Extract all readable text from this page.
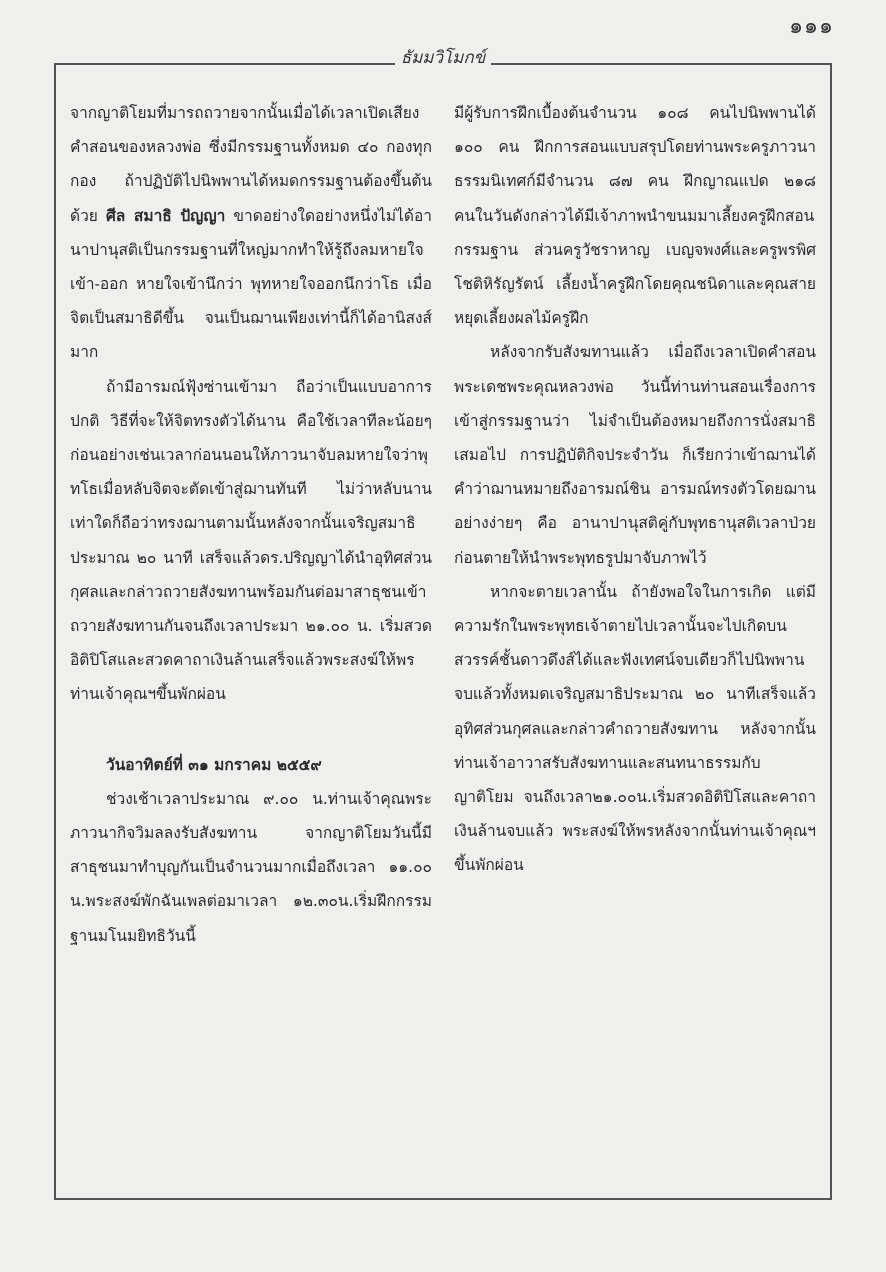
๑๑๑
ธัมมวิโมกข์

จากญาติโยมที่มารถถวายจากนั้นเมื่อได้เวลาเปิดเสียงคำสอนของหลวงพ่อ ซึ่งมีกรรมฐานทั้งหมด ๔๐ กองทุกกอง ถ้าปฏิบัติไปนิพพานได้หมดกรรมฐานต้องขึ้นต้นด้วย ศีล สมาธิ ปัญญา ขาดอย่างใดอย่างหนึ่งไม่ได้อานาปานุสติเป็นกรรมฐานที่ใหญ่มากทำให้รู้ถึงลมหายใจ เข้า-ออก หายใจเข้านึกว่า พุทหายใจออกนึกว่าโธ เมื่อจิตเป็นสมาธิดีขึ้น จนเป็นฌานเพียงเท่านี้ก็ได้อานิสงส์มาก

ถ้ามีอารมณ์ฟุ้งซ่านเข้ามา ถือว่าเป็นแบบอาการปกติ วิธีที่จะให้จิตทรงตัวได้นาน คือใช้เวลาทีละน้อยๆก่อนอย่างเช่นเวลาก่อนนอนให้ภาวนาจับลมหายใจว่าพุทโธเมื่อหลับจิตจะตัดเข้าสู่ฌานทันที ไม่ว่าหลับนานเท่าใดก็ถือว่าทรงฌานตามนั้นหลังจากนั้นเจริญสมาธิประมาณ ๒๐ นาที เสร็จแล้วดร.ปริญญาได้นำอุทิศส่วนกุศลและกล่าวถวายสังฆทานพร้อมกันต่อมาสาธุชนเข้าถวายสังฆทานกันจนถึงเวลาประมา ๒๑.๐๐ น. เริ่มสวดอิติปิโสและสวดคาถาเงินล้านเสร็จแล้วพระสงฆ์ให้พรท่านเจ้าคุณฯขึ้นพักผ่อน

วันอาทิตย์ที่ ๓๑ มกราคม ๒๕๕๙

ช่วงเช้าเวลาประมาณ ๙.๐๐ น.ท่านเจ้าคุณพระภาวนากิจวิมลลงรับสังฆทาน จากญาติโยมวันนี้มีสาธุชนมาทำบุญกันเป็นจำนวนมากเมื่อถึงเวลา ๑๑.๐๐ น.พระสงฆ์พักฉันเพลต่อมาเวลา ๑๒.๓๐น.เริ่มฝึกกรรมฐานมโนมยิทธิวันนี้

มีผู้รับการฝึกเบื้องต้นจำนวน ๑๐๘ คนไปนิพพานได้ ๑๐๐ คน ฝึกการสอนแบบสรุปโดยท่านพระครูภาวนาธรรมนิเทศก์มีจำนวน ๘๗ คน ฝึกญาณแปด ๒๑๘ คนในวันดังกล่าวได้มีเจ้าภาพนำขนมมาเลี้ยงครูฝึกสอนกรรมฐาน ส่วนครูวัชราหาญ เบญจพงศ์และครูพรพิศโชติหิรัญรัตน์ เลี้ยงน้ำครูฝึกโดยคุณชนิดาและคุณสายหยุดเลี้ยงผลไม้ครูฝึก

หลังจากรับสังฆทานแล้ว เมื่อถึงเวลาเปิดคำสอนพระเดชพระคุณหลวงพ่อ วันนี้ท่านท่านสอนเรื่องการเข้าสู่กรรมฐานว่า ไม่จำเป็นต้องหมายถึงการนั่งสมาธิเสมอไป การปฏิบัติกิจประจำวัน ก็เรียกว่าเข้าฌานได้ คำว่าฌานหมายถึงอารมณ์ชิน อารมณ์ทรงตัวโดยฌานอย่างง่ายๆ คือ อานาปานุสติคู่กับพุทธานุสติเวลาป่วย ก่อนตายให้นำพระพุทธรูปมาจับภาพไว้

หากจะตายเวลานั้น ถ้ายังพอใจในการเกิด แต่มีความรักในพระพุทธเจ้าตายไปเวลานั้นจะไปเกิดบนสวรรค์ชั้นดาวดึงส์ได้และฟังเทศน์จบเดียวก็ไปนิพพานจบแล้วทั้งหมดเจริญสมาธิประมาณ ๒๐ นาทีเสร็จแล้วอุทิศส่วนกุศลและกล่าวคำถวายสังฆทาน หลังจากนั้นท่านเจ้าอาวาสรับสังฆทานและสนทนาธรรมกับญาติโยม จนถึงเวลา๒๑.๐๐น.เริ่มสวดอิติปิโสและคาถาเงินล้านจบแล้ว พระสงฆ์ให้พรหลังจากนั้นท่านเจ้าคุณฯขึ้นพักผ่อน
